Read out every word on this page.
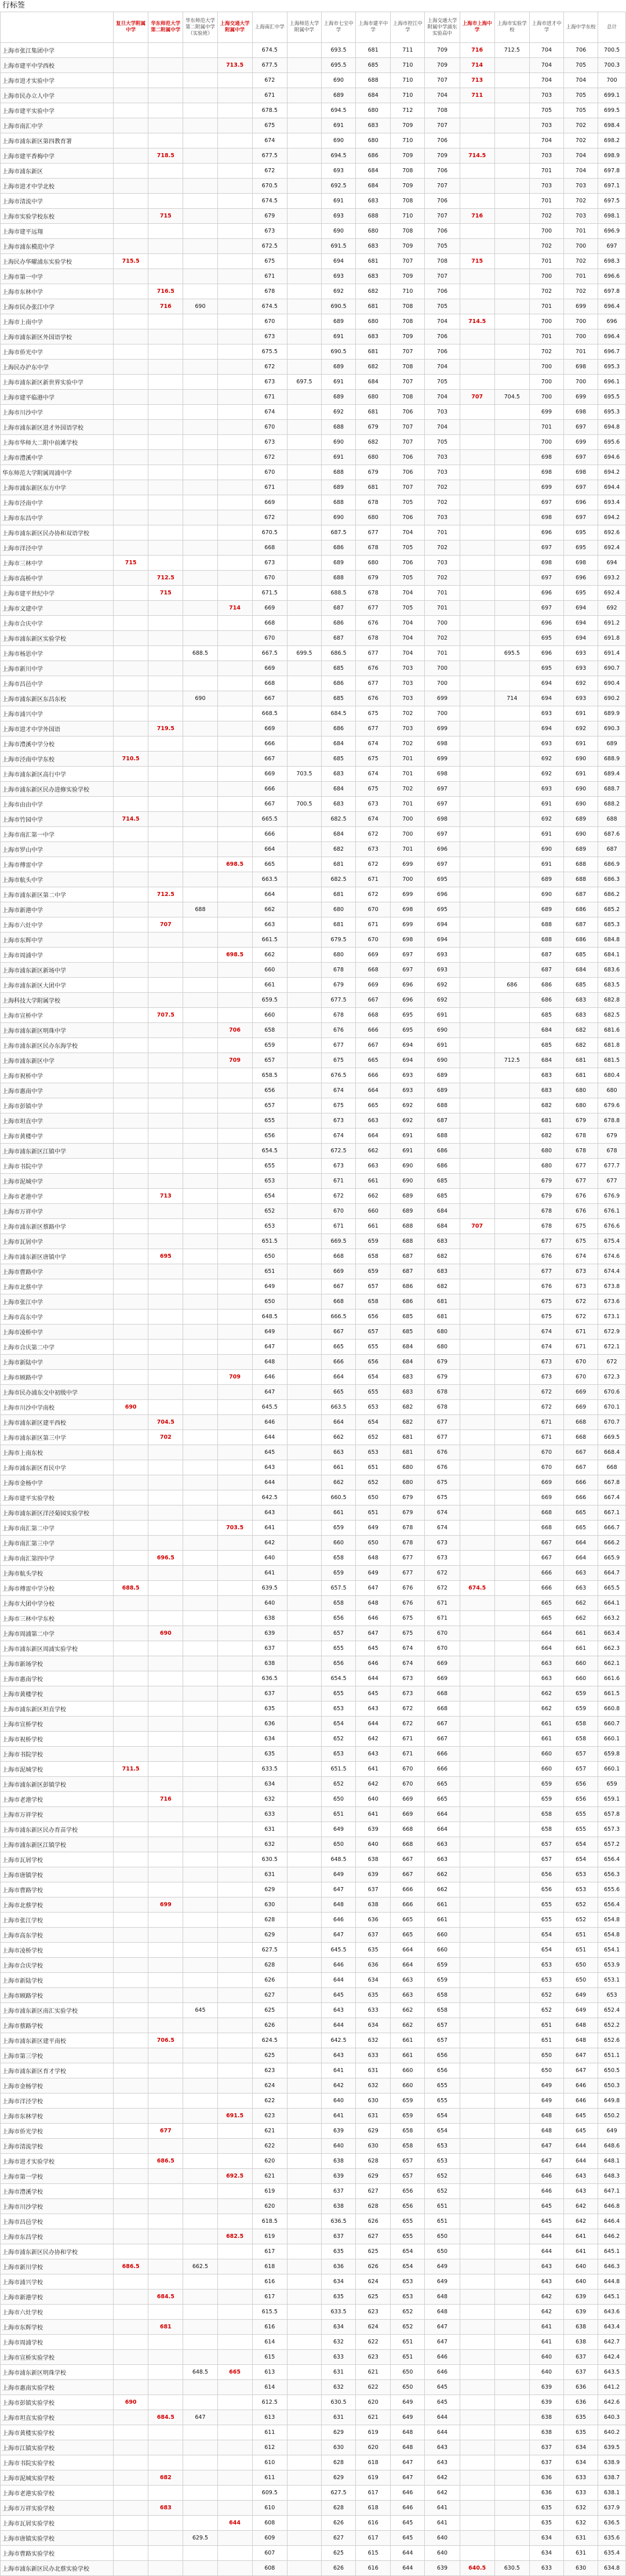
行标签
	复旦大学附属中学	华东师范大学第二附属中学	华东师范大学第二附属中学（实验班）	上海交通大学附属中学	上海南汇中学	上海师范大学附属中学	上海市七宝中学	上海市建平中学	上海市控江中学	上海交通大学附属中学浦东实验高中	上海市上海中学	上海市实验学校	上海市进才中学	上海中学东校	总计
上海市张江集团中学					674.5		693.5	681	711	709	716	712.5	704	706	700.5
上海市建平中学西校				713.5	677.5		695.5	685	710	709	714		704	705	700.3
上海市进才实验中学					672		690	688	710	707	713		704	704	700
上海市民办立人中学					671		689	684	710	704	711		703	705	699.1
上海市建平实验中学					678.5		694.5	680	712	708			705	705	699.5
上海市南汇中学					675		691	683	709	707			703	702	698.4
上海市浦东新区第四教育署					674		690	680	710	706			704	702	698.2
上海市建平香梅中学		718.5			677.5		694.5	686	709	709	714.5		703	704	698.9
上海市浦东新区					672		693	684	708	706			701	704	697.8
上海市进才中学北校					670.5		692.5	684	709	707			703	703	697.1
上海市清流中学					674.5		691	683	708	706			701	702	697.5
上海市实验学校东校		715			679		693	688	710	707	716		702	703	698.1
上海市建平远翔					673		690	680	708	706			700	701	696.9
上海市浦东模范中学					672.5		691.5	683	709	705			702	700	697
上海民办华曜浦东实验学校	715.5				675		694	681	707	708	715		701	702	698.3
上海市第一中学					671		693	683	709	707			700	701	696.6
上海市东林中学		716.5			678		692	682	710	706			702	702	697.8
上海市民办张江中学		716	690		674.5		690.5	681	708	705			701	699	696.4
上海市上南中学					670		689	680	708	704	714.5		700	700	696
上海市浦东新区外国语学校					673		691	683	709	706			701	700	696.4
上海市侨光中学					675.5		690.5	681	707	706			702	701	696.7
上海民办沪东中学					672		689	682	708	704			700	698	695.3
上海市浦东新区新世界实验中学					673	697.5	691	684	707	705			700	700	696.1
上海市建平临港中学					671		689	680	708	704	707	704.5	700	699	695.5
上海市川沙中学					674		692	681	706	703			699	698	695.3
上海市浦东新区进才外国语学校					670		688	679	707	704			701	697	694.8
上海市华师大二附中前滩学校					673		690	682	707	705			700	699	695.6
上海市澧溪中学					672		691	680	706	703			698	697	694.6
华东师范大学附属周浦中学					670		688	679	706	703			698	698	694.2
上海市浦东新区东方中学					671		689	681	707	702			699	697	694.4
上海市泾南中学					669		688	678	705	702			697	696	693.4
上海市东昌中学					672		690	680	706	703			698	697	694.2
上海市浦东新区民办协和双语学校					670.5		687.5	677	704	701			696	695	692.6
上海市洋泾中学					668		686	678	705	702			697	695	692.4
上海市三林中学	715				673		689	680	706	703			698	698	694
上海市高桥中学		712.5			670		688	679	705	702			697	696	693.2
上海市建平世纪中学		715			671.5		688.5	678	704	701			696	695	692.4
上海市文建中学				714	669		687	677	705	701			697	694	692
上海市合庆中学					668		686	676	704	700			696	694	691.2
上海市浦东新区实验学校					670		687	678	704	702			695	694	691.8
上海市杨思中学			688.5		667.5	699.5	686.5	677	704	701		695.5	696	693	691.4
上海市新川中学					669		685	676	703	700			695	693	690.7
上海市昌邑中学					668		686	677	703	700			694	692	690.4
上海市浦东新区东昌东校			690		667		685	676	703	699		714	694	693	690.2
上海市浦兴中学					668.5		684.5	675	702	700			693	691	689.9
上海市进才中学外国语		719.5			669		686	677	703	699			694	692	690.3
上海市澧溪中学分校					666		684	674	702	698			693	691	689
上海市泾南中学东校	710.5				667		685	675	701	699			692	690	688.9
上海市浦东新区高行中学					669	703.5	683	674	701	698			692	691	689.4
上海市浦东新区民办进修实验学校					666		684	675	702	697			693	690	688.7
上海市由由中学					667	700.5	683	673	701	697			691	690	688.2
上海市竹园中学	714.5				665.5		682.5	674	700	698			692	689	688
上海市南汇第一中学					666		684	672	700	697			691	690	687.6
上海市罗山中学					664		682	673	701	696			690	689	687
上海市傅雷中学				698.5	665		681	672	699	697			691	688	686.9
上海市航头中学					663.5		682.5	671	700	695			689	688	686.3
上海市浦东新区第二中学		712.5			664		681	672	699	696			690	687	686.2
上海市新港中学			688		662		680	670	698	695			689	686	685.2
上海市六灶中学		707			663		681	671	699	694			688	687	685.3
上海市东辉中学					661.5		679.5	670	698	694			688	686	684.8
上海市周浦中学				698.5	662		680	669	697	693			687	685	684.1
上海市浦东新区新场中学					660		678	668	697	693			687	684	683.6
上海市浦东新区大团中学					661		679	669	696	692		686	686	685	683.5
上海科技大学附属学校					659.5		677.5	667	696	692			686	683	682.8
上海市宣桥中学		707.5			660		678	668	695	691			685	683	682.5
上海市浦东新区明珠中学				706	658		676	666	695	690			684	682	681.6
上海市浦东新区民办东海学校					659		677	667	694	691			685	682	681.8
上海市浦东新区中学				709	657		675	665	694	690		712.5	684	681	681.5
上海市祝桥中学					658.5		676.5	666	693	689			683	681	680.4
上海市惠南中学					656		674	664	693	689			683	680	680
上海市彭镇中学					657		675	665	692	688			682	680	679.6
上海市坦直中学					655		673	663	692	687			681	679	678.8
上海市黄楼中学					656		674	664	691	688			682	678	679
上海市浦东新区江镇中学					654.5		672.5	662	691	686			680	678	678
上海市书院中学					655		673	663	690	686			680	677	677.7
上海市泥城中学					653		671	661	690	685			679	677	677
上海市老港中学		713			654		672	662	689	685			679	676	676.9
上海市万祥中学					652		670	660	689	684			678	676	676.1
上海市浦东新区蔡路中学					653		671	661	688	684	707		678	675	676.6
上海市瓦屑中学					651.5		669.5	659	688	683			677	675	675.4
上海市浦东新区唐镇中学		695			650		668	658	687	682			676	674	674.6
上海市曹路中学					651		669	659	687	683			677	673	674.4
上海市北蔡中学					649		667	657	686	682			676	673	673.8
上海市张江中学					650		668	658	686	681			675	672	673.6
上海市高东中学					648.5		666.5	656	685	681			675	672	673.1
上海市凌桥中学					649		667	657	685	680			674	671	672.9
上海市合庆第二中学					647		665	655	684	680			674	671	672.1
上海市新陆中学					648		666	656	684	679			673	670	672
上海市顾路中学				709	646		664	654	683	679			673	670	672.3
上海市民办浦东交中初级中学					647		665	655	683	678			672	669	670.6
上海市川沙中学南校	690				645.5		663.5	653	682	678			672	669	670.1
上海市浦东新区建平西校		704.5			646		664	654	682	677			671	668	670.7
上海市浦东新区第三中学		702			644		662	652	681	677			671	668	669.5
上海市上南东校					645		663	653	681	676			670	667	668.4
上海市浦东新区育民中学					643		661	651	680	676			670	667	668
上海市金杨中学					644		662	652	680	675			669	666	667.8
上海市建平实验学校					642.5		660.5	650	679	675			669	666	667.4
上海市浦东新区洋泾菊园实验学校					643		661	651	679	674			668	665	667.1
上海市南汇第二中学				703.5	641		659	649	678	674			668	665	666.7
上海市南汇第三中学					642		660	650	678	673			667	664	666.2
上海市南汇第四中学		696.5			640		658	648	677	673			667	664	665.9
上海市航头学校					641		659	649	677	672			666	663	664.7
上海市傅雷中学分校	688.5				639.5		657.5	647	676	672	674.5		666	663	665.5
上海市大团中学分校					640		658	648	676	671			665	662	664.1
上海市三林中学东校					638		656	646	675	671			665	662	663.2
上海市周浦第二中学		690			639		657	647	675	670			664	661	663.4
上海市浦东新区周浦实验学校					637		655	645	674	670			664	661	662.3
上海市新场学校					638		656	646	674	669			663	660	662.1
上海市惠南学校					636.5		654.5	644	673	669			663	660	661.6
上海市黄楼学校					637		655	645	673	668			662	659	661.5
上海市浦东新区坦直学校					635		653	643	672	668			662	659	660.8
上海市宣桥学校					636		654	644	672	667			661	658	660.7
上海市祝桥学校					634		652	642	671	667			661	658	660.1
上海市书院学校					635		653	643	671	666			660	657	659.8
上海市泥城学校	711.5				633.5		651.5	641	670	666			660	657	660.1
上海市浦东新区彭镇学校					634		652	642	670	665			659	656	659
上海市老港学校		716			632		650	640	669	665			659	656	659.1
上海市万祥学校					633		651	641	669	664			658	655	657.8
上海市浦东新区民办育苗学校					631		649	639	668	664			658	655	657.3
上海市浦东新区江镇学校					632		650	640	668	663			657	654	657.2
上海市瓦屑学校					630.5		648.5	638	667	663			657	654	656.4
上海市唐镇学校					631		649	639	667	662			656	653	656.3
上海市曹路学校					629		647	637	666	662			656	653	655.6
上海市北蔡学校		699			630		648	638	666	661			655	652	656.4
上海市张江学校					628		646	636	665	661			655	652	654.8
上海市高东学校					629		647	637	665	660			654	651	654.8
上海市凌桥学校					627.5		645.5	635	664	660			654	651	654.1
上海市合庆学校					628		646	636	664	659			653	650	653.9
上海市新陆学校					626		644	634	663	659			653	650	653.1
上海市顾路学校					627		645	635	663	658			652	649	653
上海市浦东新区南汇实验学校			645		625		643	633	662	658			652	649	652.4
上海市蔡路学校					626		644	634	662	657			651	648	652.2
上海市浦东新区建平南校		706.5			624.5		642.5	632	661	657			651	648	652.6
上海市第三学校					625		643	633	661	656			650	647	651.1
上海市浦东新区育才学校					623		641	631	660	656			650	647	650.5
上海市金杨学校					624		642	632	660	655			649	646	650.3
上海市洋泾学校					622		640	630	659	655			649	646	649.8
上海市东林学校				691.5	623		641	631	659	654			648	645	650.2
上海市侨光学校		677			621		639	629	658	654			648	645	649
上海市清流学校					622		640	630	658	653			647	644	648.6
上海市进才实验学校		686.5			620		638	628	657	653			647	644	648.1
上海市第一学校				692.5	621		639	629	657	652			646	643	648.3
上海市澧溪学校					619		637	627	656	652			646	643	647.1
上海市川沙学校					620		638	628	656	651			645	642	646.8
上海市昌邑学校					618.5		636.5	626	655	651			645	642	646.4
上海市东昌学校				682.5	619		637	627	655	650			644	641	646.2
上海市浦东新区民办协和学校					617		635	625	654	650			644	641	645.1
上海市新川学校	686.5		662.5		618		636	626	654	649			643	640	646.3
上海市浦兴学校					616		634	624	653	649			643	640	644.8
上海市新港学校		684.5			617		635	625	653	648			642	639	645.1
上海市六灶学校					615.5		633.5	623	652	648			642	639	643.6
上海市东辉学校		681			616		634	624	652	647			641	638	643.4
上海市周浦学校					614		632	622	651	647			641	638	642.7
上海市宣桥实验学校					615		633	623	651	646			640	637	642.4
上海市浦东新区明珠学校			648.5	665	613		631	621	650	646			640	637	643.5
上海市惠南实验学校					614		632	622	650	645			639	636	641.2
上海市彭镇实验学校	690				612.5		630.5	620	649	645			639	636	642.6
上海市坦直实验学校		684.5	647		613		631	621	649	644			638	635	640.3
上海市黄楼实验学校					611		629	619	648	644			638	635	640.2
上海市江镇实验学校					612		630	620	648	643			637	634	639.5
上海市书院实验学校					610		628	618	647	643			637	634	638.9
上海市泥城实验学校		682			611		629	619	647	642			636	633	638.7
上海市老港实验学校					609.5		627.5	617	646	642			636	633	638.1
上海市万祥实验学校		683			610		628	618	646	641			635	632	637.9
上海市瓦屑实验学校				644	608		626	616	645	641			635	632	636.5
上海市唐镇实验学校			629.5		609		627	617	645	640			634	631	635.6
上海市曹路实验学校					607		625	615	644	640			634	631	635.4
上海市浦东新区民办北蔡实验学校					608		626	616	644	639	640.5	630.5	633	630	634.8
